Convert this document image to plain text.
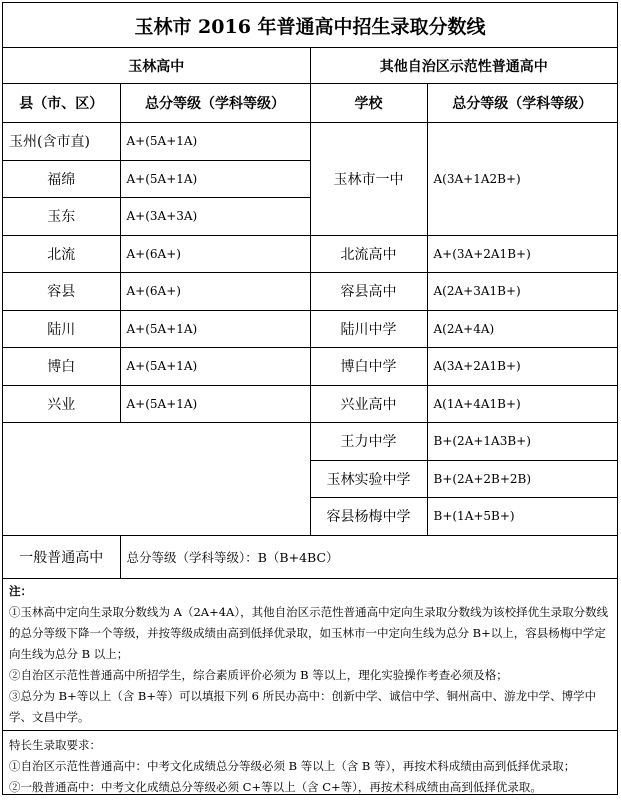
玉林市 2016 年普通高中招生录取分数线			
玉林高中		其他自治区示范性普通高中	
县（市、区）	总分等级（学科等级）	学校	总分等级（学科等级）
玉州(含市直)	A+(5A+1A)	玉林市一中	A(3A+1A2B+)
福绵	A+(5A+1A)		
玉东	A+(3A+3A)		
北流	A+(6A+)	北流高中	A+(3A+2A1B+)
容县	A+(6A+)	容县高中	A(2A+3A1B+)
陆川	A+(5A+1A)	陆川中学	A(2A+4A)
博白	A+(5A+1A)	博白中学	A(3A+2A1B+)
兴业	A+(5A+1A)	兴业高中	A(1A+4A1B+)
		王力中学	B+(2A+1A3B+)
		玉林实验中学	B+(2A+2B+2B)
		容县杨梅中学	B+(1A+5B+)
一般普通高中	总分等级（学科等级）：B（B+4BC）		

注：

①玉林高中定向生录取分数线为 A（2A+4A），其他自治区示范性普通高中定向生录取分数线为该校择优生录取分数线的总分等级下降一个等级，并按等级成绩由高到低择优录取，如玉林市一中定向生线为总分 B+以上，容县杨梅中学定向生线为总分 B 以上；

②自治区示范性普通高中所招学生，综合素质评价必须为 B 等以上，理化实验操作考查必须及格；

③总分为 B+等以上（含 B+等）可以填报下列 6 所民办高中：创新中学、诚信中学、铜州高中、游龙中学、博学中学、文昌中学。			

特长生录取要求：

①自治区示范性普通高中：中考文化成绩总分等级必须 B 等以上（含 B 等），再按术科成绩由高到低择优录取；

②一般普通高中：中考文化成绩总分等级必须 C+等以上（含 C+等），再按术科成绩由高到低择优录取。			
